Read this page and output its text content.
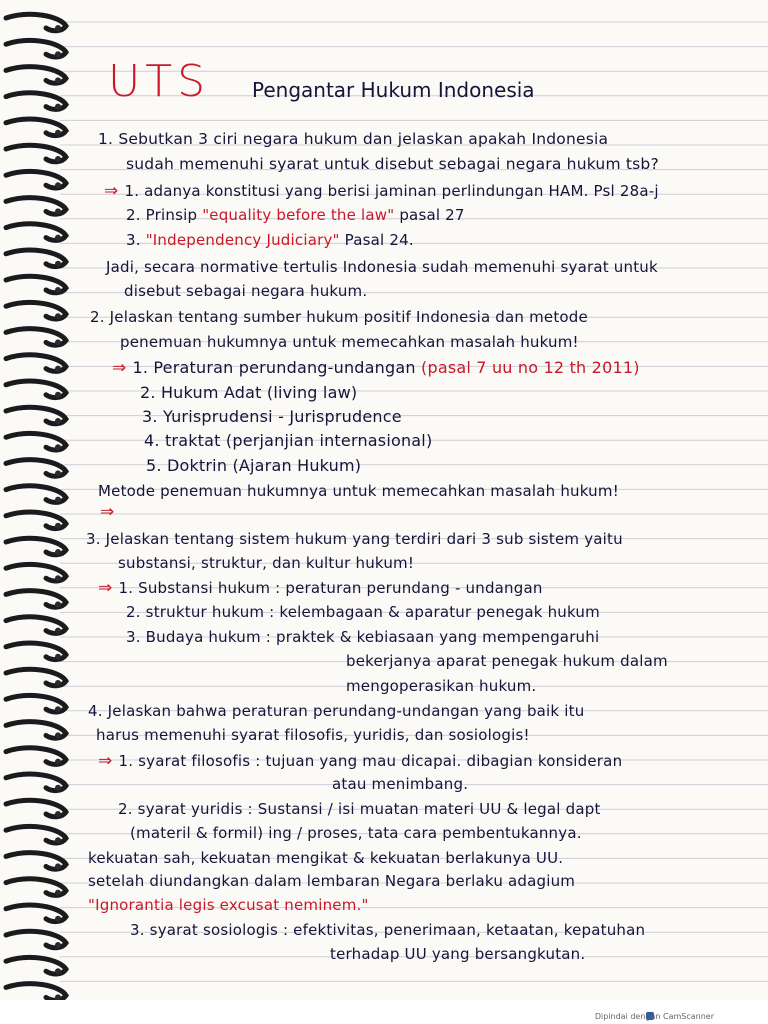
UTS Pengantar Hukum Indonesia
1. Sebutkan 3 ciri negara hukum dan jelaskan apakah Indonesia
sudah memenuhi syarat untuk disebut sebagai negara hukum tsb?
⇒ 1. adanya konstitusi yang berisi jaminan perlindungan HAM. Psl 28a-j
2. Prinsip "equality before the law" pasal 27
3. "Independency Judiciary" Pasal 24.
Jadi, secara normative tertulis Indonesia sudah memenuhi syarat untuk
disebut sebagai negara hukum.
2. Jelaskan tentang sumber hukum positif Indonesia dan metode
penemuan hukumnya untuk memecahkan masalah hukum!
⇒ 1. Peraturan perundang-undangan (pasal 7 uu no 12 th 2011)
2. Hukum Adat (living law)
3. Yurisprudensi - Jurisprudence
4. traktat (perjanjian internasional)
5. Doktrin (Ajaran Hukum)
Metode penemuan hukumnya untuk memecahkan masalah hukum!
⇒
3. Jelaskan tentang sistem hukum yang terdiri dari 3 sub sistem yaitu
substansi, struktur, dan kultur hukum!
⇒ 1. Substansi hukum : peraturan perundang - undangan
2. struktur hukum : kelembagaan & aparatur penegak hukum
3. Budaya hukum : praktek & kebiasaan yang mempengaruhi
bekerjanya aparat penegak hukum dalam
mengoperasikan hukum.
4. Jelaskan bahwa peraturan perundang-undangan yang baik itu
harus memenuhi syarat filosofis, yuridis, dan sosiologis!
⇒ 1. syarat filosofis : tujuan yang mau dicapai. dibagian konsideran
atau menimbang.
2. syarat yuridis : Sustansi / isi muatan materi UU & legal dapt
(materil & formil) ing / proses, tata cara pembentukannya.
kekuatan sah, kekuatan mengikat & kekuatan berlakunya UU.
setelah diundangkan dalam lembaran Negara berlaku adagium
"Ignorantia legis excusat neminem."
3. syarat sosiologis : efektivitas, penerimaan, ketaatan, kepatuhan
terhadap UU yang bersangkutan.
Dipindai dengan CamScanner
